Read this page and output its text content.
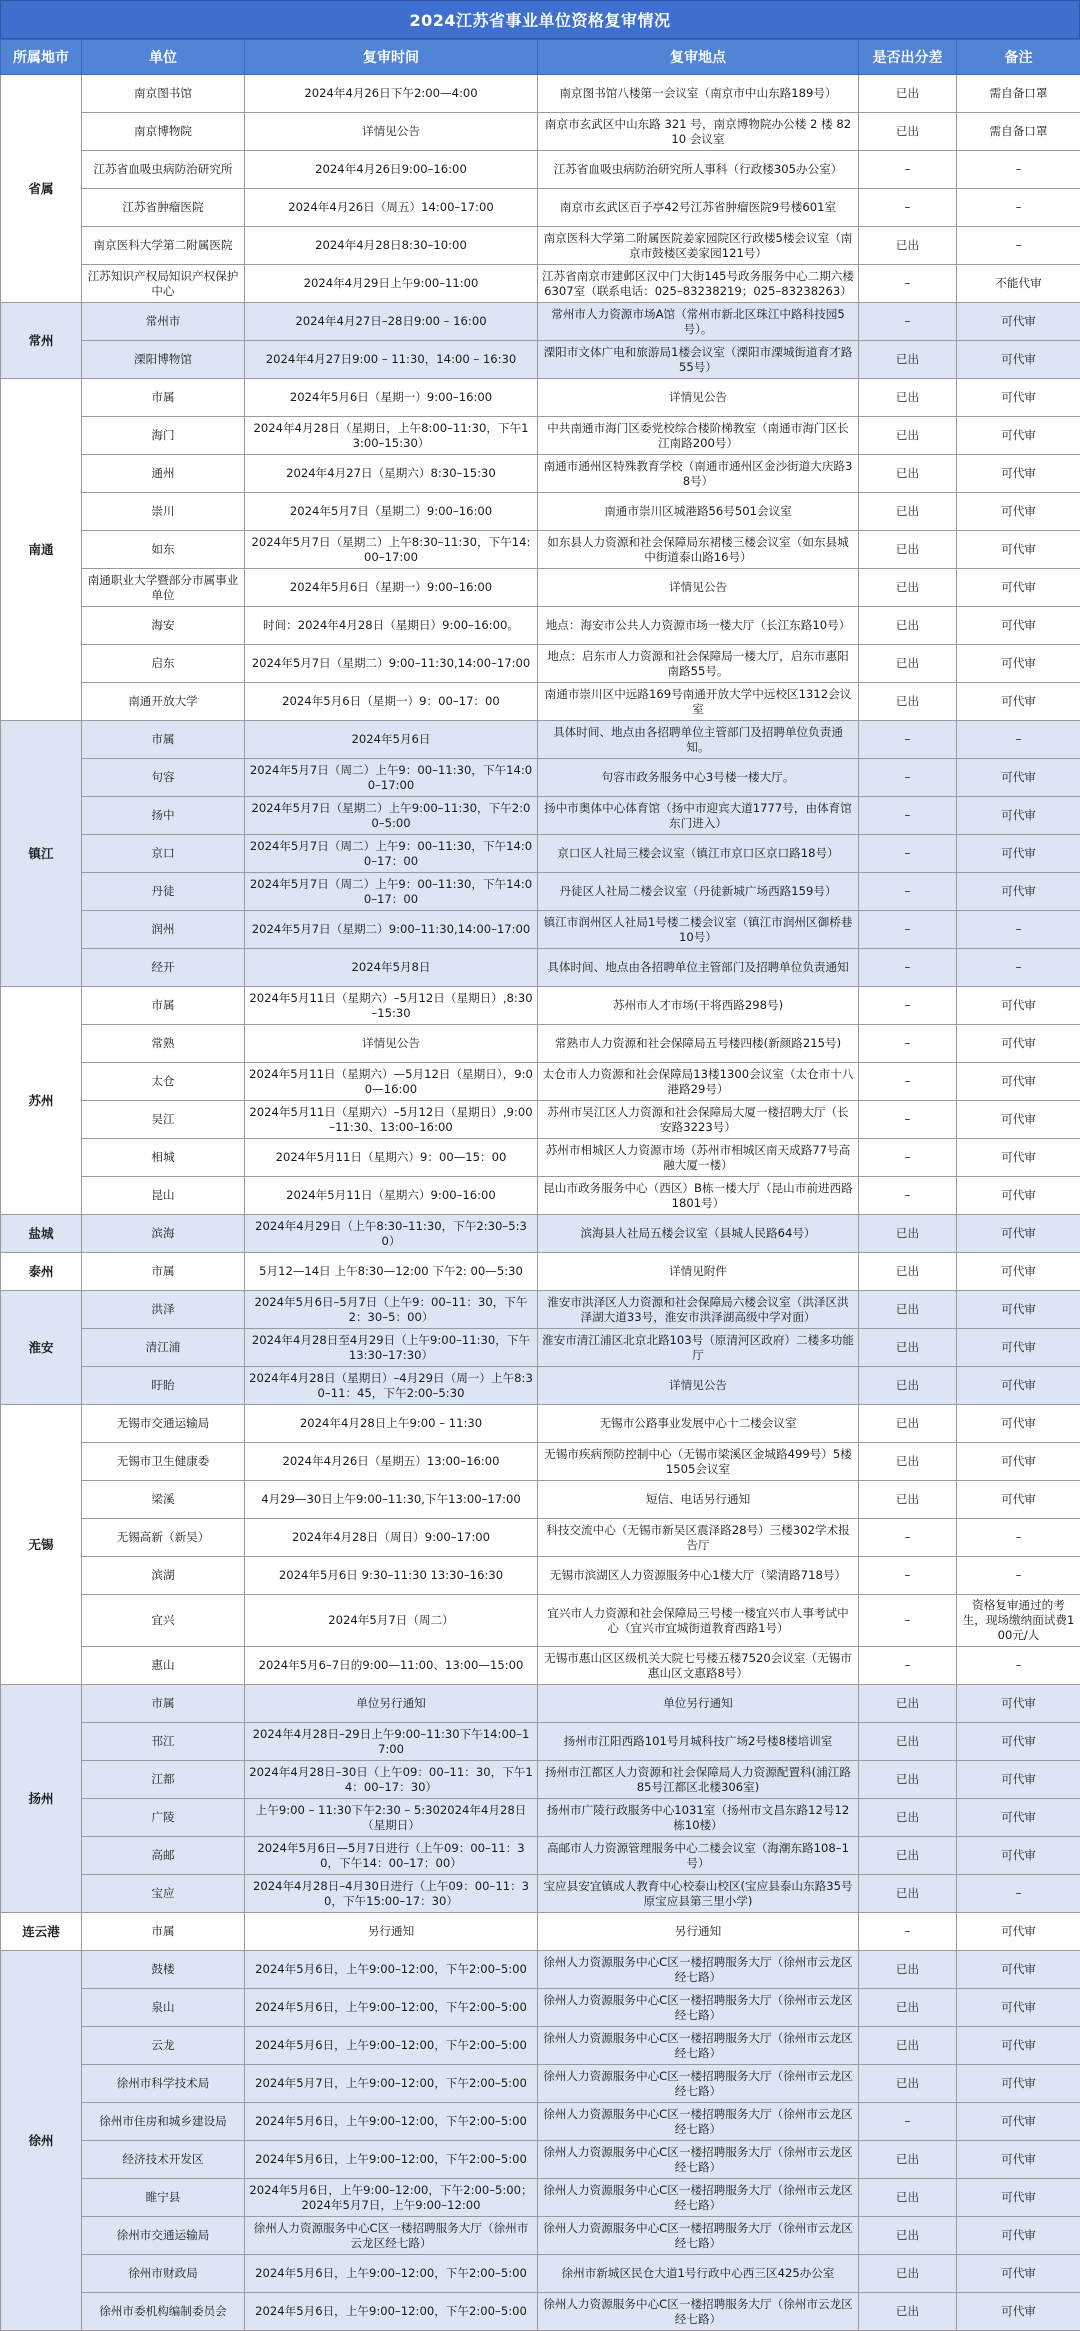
2024江苏省事业单位资格复审情况
所属地市	单位	复审时间	复审地点	是否出分差	备注
省属	南京图书馆	2024年4月26日下午2:00—4:00	南京图书馆八楼第一会议室（南京市中山东路189号）	已出	需自备口罩
	南京博物院	详情见公告	南京市玄武区中山东路 321 号，南京博物院办公楼 2 楼 8210 会议室	已出	需自备口罩
	江苏省血吸虫病防治研究所	2024年4月26日9:00–16:00	江苏省血吸虫病防治研究所人事科（行政楼305办公室）	–	–
	江苏省肿瘤医院	2024年4月26日（周五）14:00–17:00	南京市玄武区百子亭42号江苏省肿瘤医院9号楼601室	–	–
	南京医科大学第二附属医院	2024年4月28日8:30–10:00	南京医科大学第二附属医院姜家园院区行政楼5楼会议室（南京市鼓楼区姜家园121号）	已出	–
	江苏知识产权局知识产权保护中心	2024年4月29日上午9:00–11:00	江苏省南京市建邺区汉中门大街145号政务服务中心二期六楼6307室（联系电话：025–83238219；025–83238263）	–	不能代审
常州	常州市	2024年4月27日–28日9:00 – 16:00	常州市人力资源市场A馆（常州市新北区珠江中路科技园5号）。	–	可代审
	溧阳博物馆	2024年4月27日9:00 – 11:30，14:00 – 16:30	溧阳市文体广电和旅游局1楼会议室（溧阳市溧城街道育才路55号）	已出	可代审
南通	市属	2024年5月6日（星期一）9:00–16:00	详情见公告	已出	可代审
	海门	2024年4月28日（星期日，上午8:00–11:30，下午13:00–15:30）	中共南通市海门区委党校综合楼阶梯教室（南通市海门区长江南路200号）	已出	可代审
	通州	2024年4月27日（星期六）8:30–15:30	南通市通州区特殊教育学校（南通市通州区金沙街道大庆路38号）	已出	可代审
	崇川	2024年5月7日（星期二）9:00–16:00	南通市崇川区城港路56号501会议室	已出	可代审
	如东	2024年5月7日（星期二）上午8:30–11:30，下午14:00–17:00	如东县人力资源和社会保障局东裙楼三楼会议室（如东县城中街道泰山路16号）	已出	可代审
	南通职业大学暨部分市属事业单位	2024年5月6日（星期一）9:00–16:00	详情见公告	已出	可代审
	海安	时间：2024年4月28日（星期日）9:00–16:00。	地点：海安市公共人力资源市场一楼大厅（长江东路10号）	已出	可代审
	启东	2024年5月7日（星期二）9:00–11:30,14:00–17:00	地点：启东市人力资源和社会保障局一楼大厅，启东市惠阳南路55号。	已出	可代审
	南通开放大学	2024年5月6日（星期一）9：00–17：00	南通市崇川区中远路169号南通开放大学中远校区1312会议室	已出	可代审
镇江	市属	2024年5月6日	具体时间、地点由各招聘单位主管部门及招聘单位负责通知。	–	–
	句容	2024年5月7日（周二）上午9：00–11:30，下午14:00–17:00	句容市政务服务中心3号楼一楼大厅。	–	可代审
	扬中	2024年5月7日（星期二）上午9:00–11:30，下午2:00–5:00	扬中市奥体中心体育馆（扬中市迎宾大道1777号，由体育馆东门进入）	–	可代审
	京口	2024年5月7日（周二）上午9：00–11:30，下午14:00–17：00	京口区人社局三楼会议室（镇江市京口区京口路18号）	–	可代审
	丹徒	2024年5月7日（周二）上午9：00–11:30，下午14:00–17：00	丹徒区人社局二楼会议室（丹徒新城广场西路159号）	–	可代审
	润州	2024年5月7日（星期二）9:00–11:30,14:00–17:00	镇江市润州区人社局1号楼二楼会议室（镇江市润州区御桥巷10号）	–	–
	经开	2024年5月8日	具体时间、地点由各招聘单位主管部门及招聘单位负责通知	–	–
苏州	市属	2024年5月11日（星期六）–5月12日（星期日）,8:30–15:30	苏州市人才市场(干将西路298号)	–	可代审
	常熟	详情见公告	常熟市人力资源和社会保障局五号楼四楼(新颜路215号)	–	可代审
	太仓	2024年5月11日（星期六）—5月12日（星期日），9:00—16:00	太仓市人力资源和社会保障局13楼1300会议室（太仓市十八港路29号）	–	可代审
	吴江	2024年5月11日（星期六）–5月12日（星期日）,9:00–11:30、13:00–16:00	苏州市吴江区人力资源和社会保障局大厦一楼招聘大厅（长安路3223号）	–	可代审
	相城	2024年5月11日（星期六）9：00—15：00	苏州市相城区人力资源市场（苏州市相城区南天成路77号高融大厦一楼）	–	可代审
	昆山	2024年5月11日（星期六）9:00–16:00	昆山市政务服务中心（西区）B栋一楼大厅（昆山市前进西路1801号）	–	可代审
盐城	滨海	2024年4月29日（上午8:30–11:30，下午2:30–5:30）	滨海县人社局五楼会议室（县城人民路64号）	已出	可代审
泰州	市属	5月12—14日 上午8:30—12:00 下午2: 00—5:30	详情见附件	已出	可代审
淮安	洪泽	2024年5月6日–5月7日（上午9：00–11：30，下午2：30–5：00）	淮安市洪泽区人力资源和社会保障局六楼会议室（洪泽区洪泽湖大道33号，淮安市洪泽湖高级中学对面）	已出	可代审
	清江浦	2024年4月28日至4月29日（上午9:00–11:30，下午13:30–17:30）	淮安市清江浦区北京北路103号（原清河区政府）二楼多功能厅	已出	可代审
	盱眙	2024年4月28日（星期日）–4月29日（周一）上午8:30–11：45，下午2:00–5:30	详情见公告	已出	可代审
无锡	无锡市交通运输局	2024年4月28日上午9:00 – 11:30	无锡市公路事业发展中心十二楼会议室	已出	可代审
	无锡市卫生健康委	2024年4月26日（星期五）13:00–16:00	无锡市疾病预防控制中心（无锡市梁溪区金城路499号）5楼1505会议室	已出	可代审
	梁溪	4月29—30日上午9:00–11:30,下午13:00–17:00	短信、电话另行通知	已出	可代审
	无锡高新（新吴）	2024年4月28日（周日）9:00–17:00	科技交流中心（无锡市新吴区震泽路28号）三楼302学术报告厅	–	–
	滨湖	2024年5月6日 9:30–11:30 13:30–16:30	无锡市滨湖区人力资源服务中心1楼大厅（梁清路718号）	–	–
	宜兴	2024年5月7日（周二）	宜兴市人力资源和社会保障局三号楼一楼宜兴市人事考试中心（宜兴市宜城街道教育西路1号）	–	资格复审通过的考生，现场缴纳面试费100元/人
	惠山	2024年5月6–7日的9:00—11:00、13:00—15:00	无锡市惠山区区级机关大院七号楼五楼7520会议室（无锡市惠山区文惠路8号）	–	–
扬州	市属	单位另行通知	单位另行通知	已出	可代审
	邗江	2024年4月28日–29日上午9:00–11:30下午14:00–17:00	扬州市江阳西路101号月城科技广场2号楼8楼培训室	已出	可代审
	江都	2024年4月28日–30日（上午09：00–11：30，下午14：00–17：30）	扬州市江都区人力资源和社会保障局人力资源配置科(浦江路85号江都区北楼306室)	已出	可代审
	广陵	上午9:00 – 11:30下午2:30 – 5:302024年4月28日（星期日）	扬州市广陵行政服务中心1031室（扬州市文昌东路12号12栋10楼）	已出	可代审
	高邮	2024年5月6日—5月7日进行（上午09：00–11：30，下午14：00–17：00）	高邮市人力资源管理服务中心二楼会议室（海潮东路108–1号）	已出	可代审
	宝应	2024年4月28日–4月30日进行（上午09：00–11：30，下午15:00–17：30）	宝应县安宜镇成人教育中心校泰山校区(宝应县泰山东路35号原宝应县第三里小学)	已出	–
连云港	市属	另行通知	另行通知	–	可代审
徐州	鼓楼	2024年5月6日，上午9:00–12:00，下午2:00–5:00	徐州人力资源服务中心C区一楼招聘服务大厅（徐州市云龙区经七路）	已出	可代审
	泉山	2024年5月6日，上午9:00–12:00，下午2:00–5:00	徐州人力资源服务中心C区一楼招聘服务大厅（徐州市云龙区经七路）	已出	可代审
	云龙	2024年5月6日，上午9:00–12:00，下午2:00–5:00	徐州人力资源服务中心C区一楼招聘服务大厅（徐州市云龙区经七路）	已出	可代审
	徐州市科学技术局	2024年5月7日，上午9:00–12:00，下午2:00–5:00	徐州人力资源服务中心C区一楼招聘服务大厅（徐州市云龙区经七路）	已出	可代审
	徐州市住房和城乡建设局	2024年5月6日，上午9:00–12:00，下午2:00–5:00	徐州人力资源服务中心C区一楼招聘服务大厅（徐州市云龙区经七路）	–	可代审
	经济技术开发区	2024年5月6日，上午9:00–12:00，下午2:00–5:00	徐州人力资源服务中心C区一楼招聘服务大厅（徐州市云龙区经七路）	已出	可代审
	睢宁县	2024年5月6日，上午9:00–12:00，下午2:00–5:00；2024年5月7日，上午9:00–12:00	徐州人力资源服务中心C区一楼招聘服务大厅（徐州市云龙区经七路）	已出	可代审
	徐州市交通运输局	徐州人力资源服务中心C区一楼招聘服务大厅（徐州市云龙区经七路）	徐州人力资源服务中心C区一楼招聘服务大厅（徐州市云龙区经七路）	已出	可代审
	徐州市财政局	2024年5月6日，上午9:00–12:00，下午2:00–5:00	徐州市新城区民仓大道1号行政中心西三区425办公室	已出	可代审
	徐州市委机构编制委员会	2024年5月6日，上午9:00–12:00，下午2:00–5:00	徐州人力资源服务中心C区一楼招聘服务大厅（徐州市云龙区经七路）	已出	可代审
